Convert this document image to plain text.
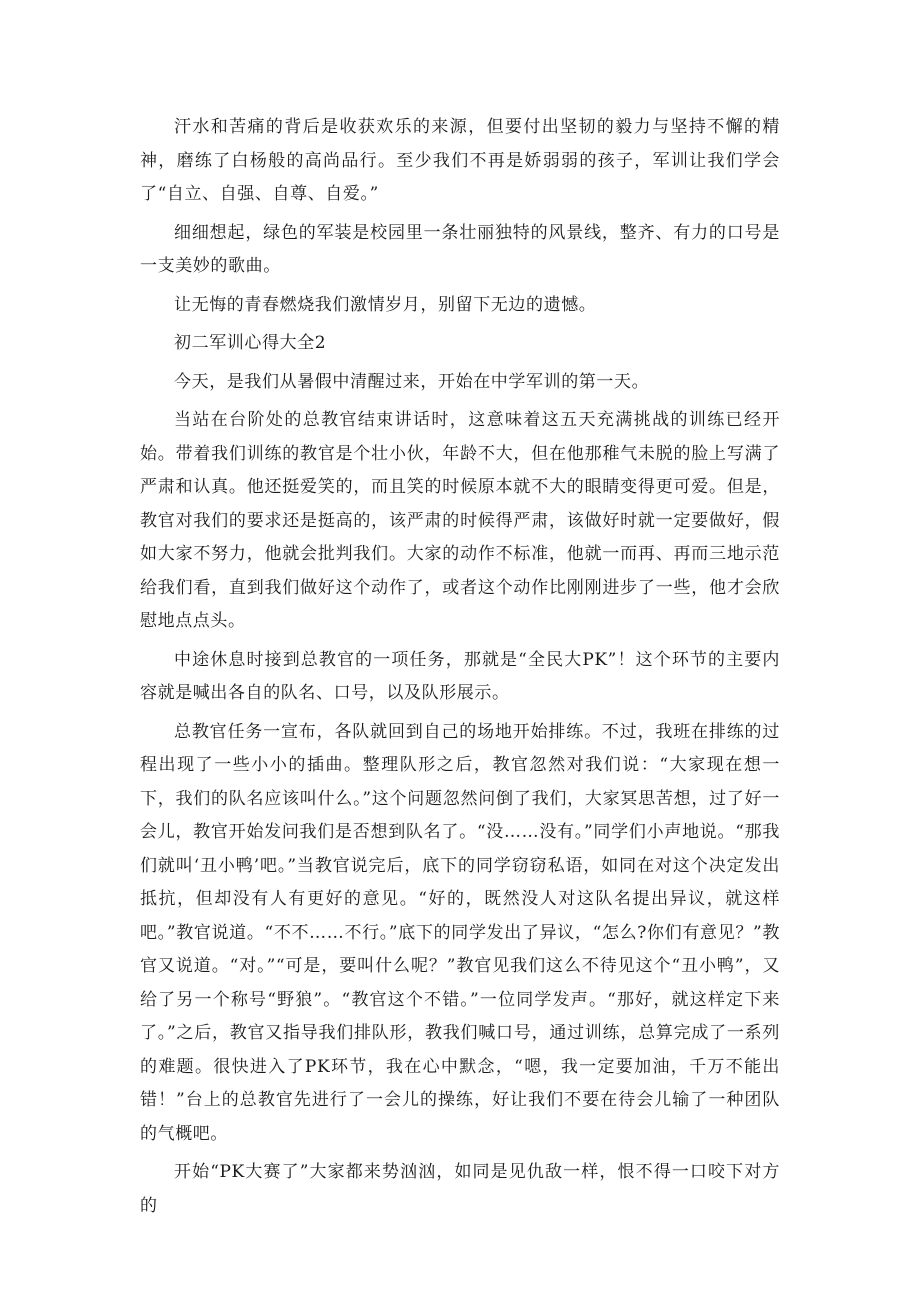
汗水和苦痛的背后是收获欢乐的来源，但要付出坚韧的毅力与坚持不懈的精神，磨练了白杨般的高尚品行。至少我们不再是娇弱弱的孩子，军训让我们学会了“自立、自强、自尊、自爱。”

细细想起，绿色的军装是校园里一条壮丽独特的风景线，整齐、有力的口号是一支美妙的歌曲。

让无悔的青春燃烧我们激情岁月，别留下无边的遗憾。

初二军训心得大全2

今天，是我们从暑假中清醒过来，开始在中学军训的第一天。

当站在台阶处的总教官结束讲话时，这意味着这五天充满挑战的训练已经开始。带着我们训练的教官是个壮小伙，年龄不大，但在他那稚气未脱的脸上写满了严肃和认真。他还挺爱笑的，而且笑的时候原本就不大的眼睛变得更可爱。但是，教官对我们的要求还是挺高的，该严肃的时候得严肃，该做好时就一定要做好，假如大家不努力，他就会批判我们。大家的动作不标准，他就一而再、再而三地示范给我们看，直到我们做好这个动作了，或者这个动作比刚刚进步了一些，他才会欣慰地点点头。

中途休息时接到总教官的一项任务，那就是“全民大PK”！这个环节的主要内容就是喊出各自的队名、口号，以及队形展示。

总教官任务一宣布，各队就回到自己的场地开始排练。不过，我班在排练的过程出现了一些小小的插曲。整理队形之后，教官忽然对我们说：“大家现在想一下，我们的队名应该叫什么。”这个问题忽然问倒了我们，大家冥思苦想，过了好一会儿，教官开始发问我们是否想到队名了。“没……没有。”同学们小声地说。“那我们就叫‘丑小鸭’吧。”当教官说完后，底下的同学窃窃私语，如同在对这个决定发出抵抗，但却没有人有更好的意见。“好的，既然没人对这队名提出异议，就这样吧。”教官说道。“不不……不行。”底下的同学发出了异议，“怎么?你们有意见？”教官又说道。“对。”“可是，要叫什么呢？”教官见我们这么不待见这个“丑小鸭”，又给了另一个称号“野狼”。“教官这个不错。”一位同学发声。“那好，就这样定下来了。”之后，教官又指导我们排队形，教我们喊口号，通过训练，总算完成了一系列的难题。很快进入了PK环节，我在心中默念，“嗯，我一定要加油，千万不能出错！”台上的总教官先进行了一会儿的操练，好让我们不要在待会儿输了一种团队的气概吧。

开始“PK大赛了”大家都来势汹汹，如同是见仇敌一样，恨不得一口咬下对方的
